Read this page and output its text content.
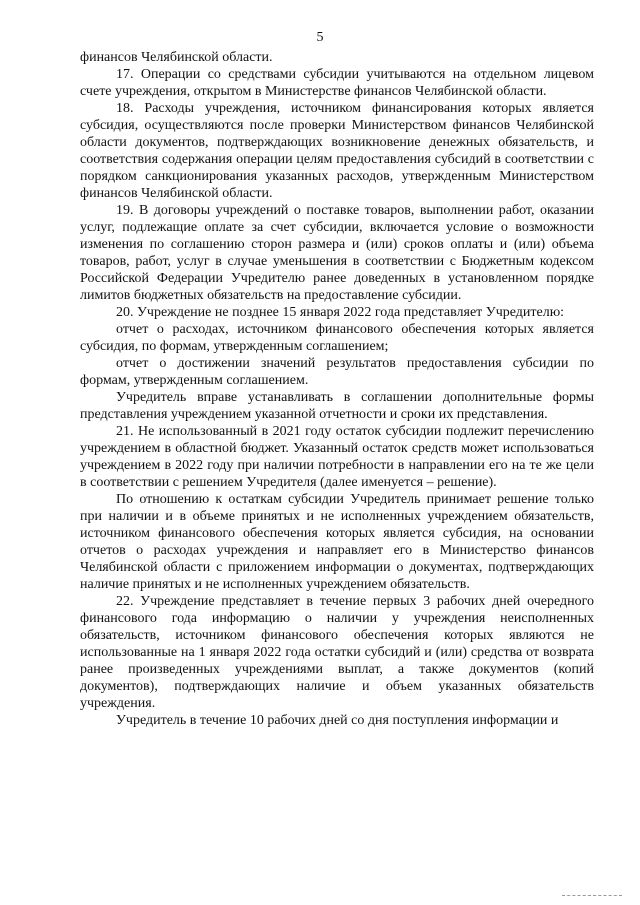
5

финансов Челябинской области.

17. Операции со средствами субсидии учитываются на отдельном лицевом счете учреждения, открытом в Министерстве финансов Челябинской области.

18. Расходы учреждения, источником финансирования которых является субсидия, осуществляются после проверки Министерством финансов Челябинской области документов, подтверждающих возникновение денежных обязательств, и соответствия содержания операции целям предоставления субсидий в соответствии с порядком санкционирования указанных расходов, утвержденным Министерством финансов Челябинской области.

19. В договоры учреждений о поставке товаров, выполнении работ, оказании услуг, подлежащие оплате за счет субсидии, включается условие о возможности изменения по соглашению сторон размера и (или) сроков оплаты и (или) объема товаров, работ, услуг в случае уменьшения в соответствии с Бюджетным кодексом Российской Федерации Учредителю ранее доведенных в установленном порядке лимитов бюджетных обязательств на предоставление субсидии.

20. Учреждение не позднее 15 января 2022 года представляет Учредителю:

отчет о расходах, источником финансового обеспечения которых является субсидия, по формам, утвержденным соглашением;

отчет о достижении значений результатов предоставления субсидии по формам, утвержденным соглашением.

Учредитель вправе устанавливать в соглашении дополнительные формы представления учреждением указанной отчетности и сроки их представления.

21. Не использованный в 2021 году остаток субсидии подлежит перечислению учреждением в областной бюджет. Указанный остаток средств может использоваться учреждением в 2022 году при наличии потребности в направлении его на те же цели в соответствии с решением Учредителя (далее именуется – решение).

По отношению к остаткам субсидии Учредитель принимает решение только при наличии и в объеме принятых и не исполненных учреждением обязательств, источником финансового обеспечения которых является субсидия, на основании отчетов о расходах учреждения и направляет его в Министерство финансов Челябинской области с приложением информации о документах, подтверждающих наличие принятых и не исполненных учреждением обязательств.

22. Учреждение представляет в течение первых 3 рабочих дней очередного финансового года информацию о наличии у учреждения неисполненных обязательств, источником финансового обеспечения которых являются не использованные на 1 января 2022 года остатки субсидий и (или) средства от возврата ранее произведенных учреждениями выплат, а также документов (копий документов), подтверждающих наличие и объем указанных обязательств учреждения.

Учредитель в течение 10 рабочих дней со дня поступления информации и
